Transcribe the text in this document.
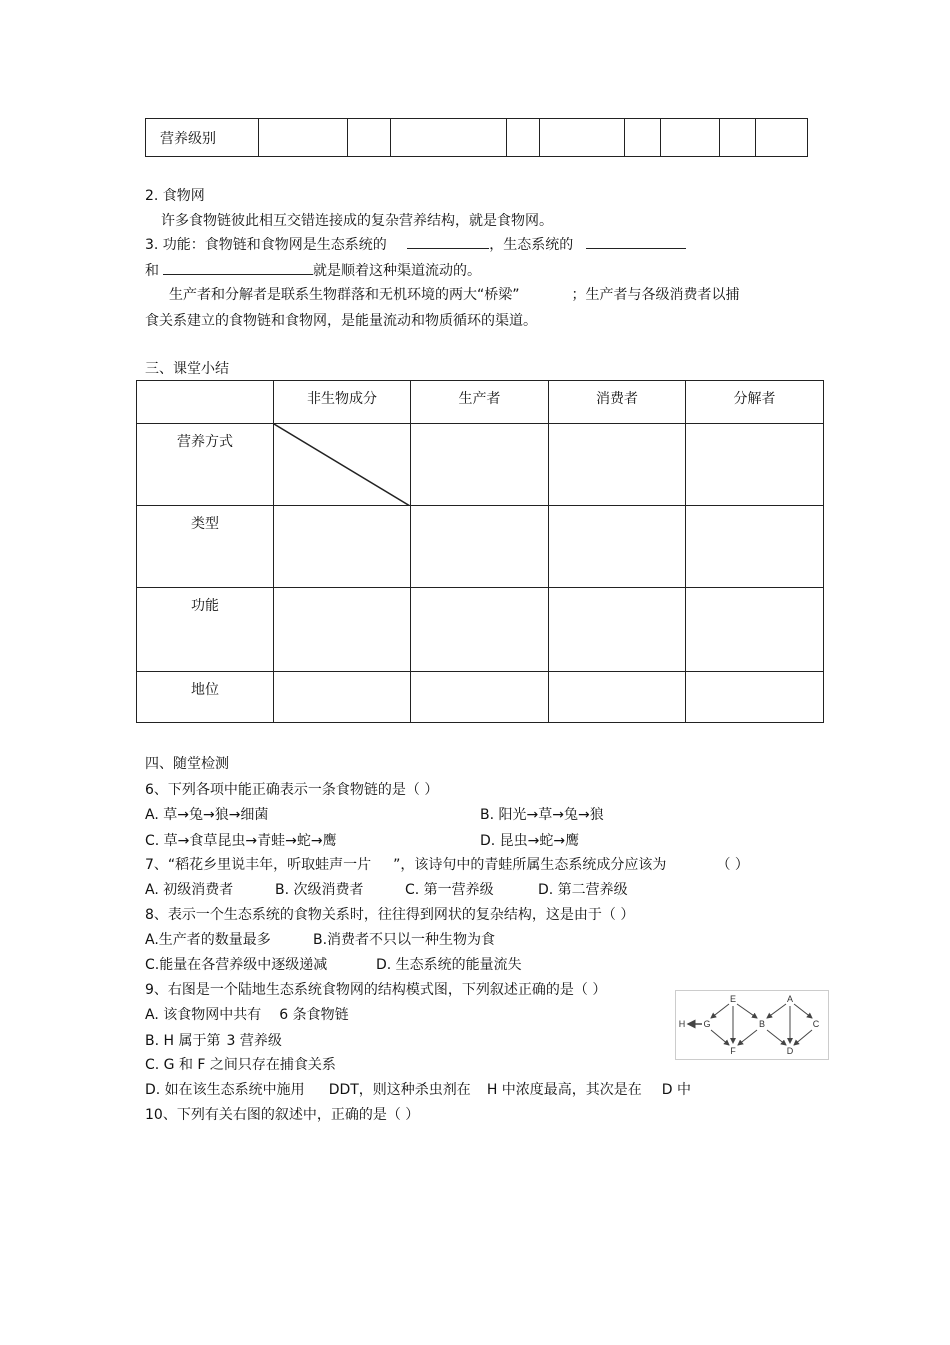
营养级别									
2. 食物网
许多食物链彼此相互交错连接成的复杂营养结构，就是食物网。
3. 功能：食物链和食物网是生态系统的	，生态系统的
和	就是顺着这种渠道流动的。
生产者和分解者是联系生物群落和无机环境的两大“桥梁”	；生产者与各级消费者以捕
食关系建立的食物链和食物网，是能量流动和物质循环的渠道。
三、课堂小结
	非生物成分	生产者	消费者	分解者
营养方式	

类型				
功能				
地位				
四、随堂检测
6、下列各项中能正确表示一条食物链的是（ ）
A. 草→兔→狼→细菌	B. 阳光→草→兔→狼
C. 草→食草昆虫→青蛙→蛇→鹰	D. 昆虫→蛇→鹰
7、“稻花乡里说丰年，听取蛙声一片 ”，该诗句中的青蛙所属生态系统成分应该为	（ ）
A. 初级消费者	B. 次级消费者	C. 第一营养级	D. 第二营养级
8、表示一个生态系统的食物关系时，往往得到网状的复杂结构，这是由于（ ）
A.生产者的数量最多	B.消费者不只以一种生物为食
C.能量在各营养级中逐级递减	D. 生态系统的能量流失
9、右图是一个陆地生态系统食物网的结构模式图，下列叙述正确的是（ ）
A. 该食物网中共有 6 条食物链
B. H 属于第 3 营养级
C. G 和 F 之间只存在捕食关系
D. 如在该生态系统中施用 DDT，则这种杀虫剂在 H 中浓度最高，其次是在 D 中
10、下列有关右图的叙述中，正确的是（ ）
E	A
H G	B	C
F	D
